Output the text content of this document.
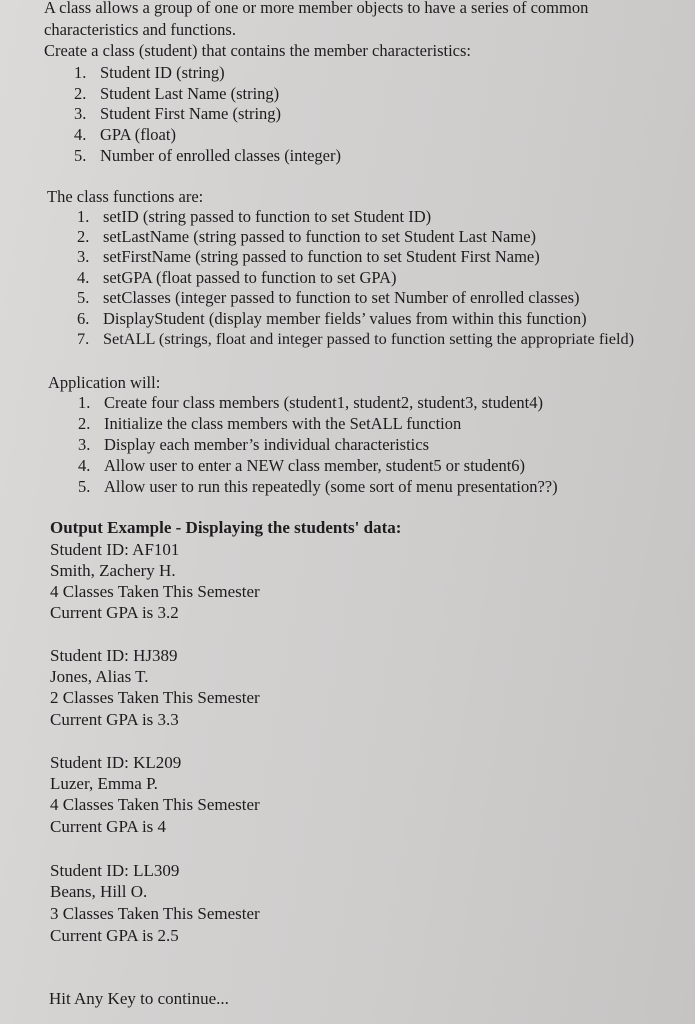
A class allows a group of one or more member objects to have a series of common
characteristics and functions.
Create a class (student) that contains the member characteristics:
1. Student ID (string)
2. Student Last Name (string)
3. Student First Name (string)
4. GPA (float)
5. Number of enrolled classes (integer)
The class functions are:
1. setID (string passed to function to set Student ID)
2. setLastName (string passed to function to set Student Last Name)
3. setFirstName (string passed to function to set Student First Name)
4. setGPA (float passed to function to set GPA)
5. setClasses (integer passed to function to set Number of enrolled classes)
6. DisplayStudent (display member fields’ values from within this function)
7. SetALL (strings, float and integer passed to function setting the appropriate field)
Application will:
1. Create four class members (student1, student2, student3, student4)
2. Initialize the class members with the SetALL function
3. Display each member’s individual characteristics
4. Allow user to enter a NEW class member, student5 or student6)
5. Allow user to run this repeatedly (some sort of menu presentation??)
Output Example - Displaying the students' data:
Student ID: AF101
Smith, Zachery H.
4 Classes Taken This Semester
Current GPA is 3.2
Student ID: HJ389
Jones, Alias T.
2 Classes Taken This Semester
Current GPA is 3.3
Student ID: KL209
Luzer, Emma P.
4 Classes Taken This Semester
Current GPA is 4
Student ID: LL309
Beans, Hill O.
3 Classes Taken This Semester
Current GPA is 2.5
Hit Any Key to continue...
